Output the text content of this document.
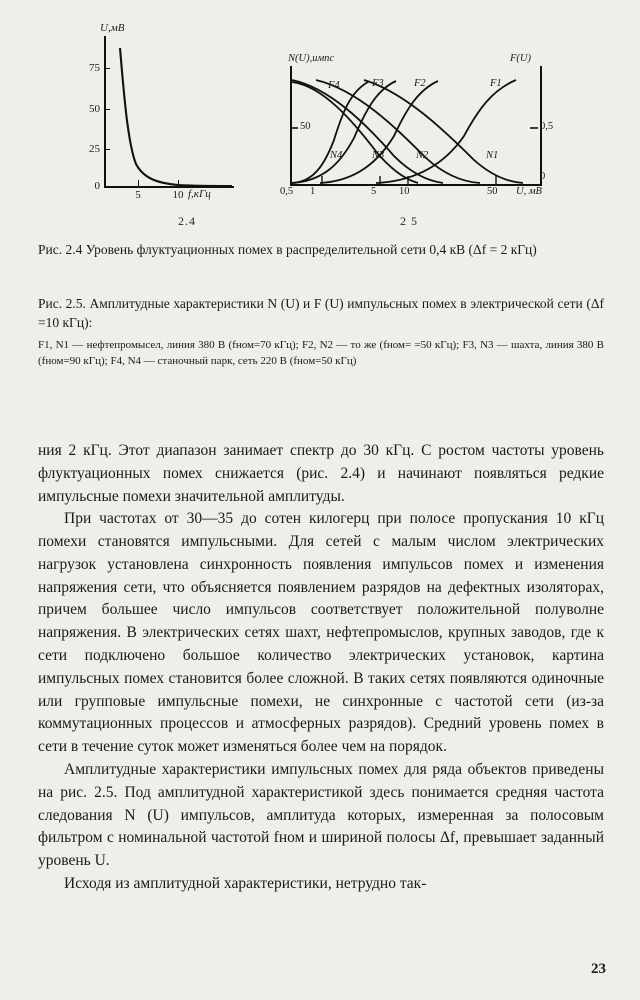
U,мВ
75
50
25
0
5	10 f,кГц
N(U),импс	F(U)
50	0,5
0
0,5 1	5 10	50 U, мВ
F4	F3	F2	F1
N4	N3	N2	N1
2.4	2 5
Рис. 2.4 Уровень флуктуационных помех в распределительной сети 0,4 кВ (Δf = 2 кГц)
Рис. 2.5. Амплитудные характеристики N (U) и F (U) импульсных помех в электрической сети (Δf =10 кГц):
F1, N1 — нефтепромысел, линия 380 В (fном=70 кГц); F2, N2 — то же (fном= =50 кГц); F3, N3 — шахта, линия 380 В (fном=90 кГц); F4, N4 — станочный парк, сеть 220 В (fном=50 кГц)

ния 2 кГц. Этот диапазон занимает спектр до 30 кГц. С ростом частоты уровень флуктуационных помех снижается (рис. 2.4) и начинают появляться редкие импульсные помехи значительной амплитуды.

При частотах от 30—35 до сотен килогерц при полосе пропускания 10 кГц помехи становятся импульсными. Для сетей с малым числом электрических нагрузок установлена синхронность появления импульсов помех и изменения напряжения сети, что объясняется появлением разрядов на дефектных изоляторах, причем большее число импульсов соответствует положительной полуволне напряжения. В электрических сетях шахт, нефтепромыслов, крупных заводов, где к сети подключено большое количество электрических установок, картина импульсных помех становится более сложной. В таких сетях появляются одиночные или групповые импульсные помехи, не синхронные с частотой сети (из-за коммутационных процессов и атмосферных разрядов). Средний уровень помех в сети в течение суток может изменяться более чем на порядок.

Амплитудные характеристики импульсных помех для ряда объектов приведены на рис. 2.5. Под амплитудной характеристикой здесь понимается средняя частота следования N (U) импульсов, амплитуда которых, измеренная за полосовым фильтром с номинальной частотой fном и шириной полосы Δf, превышает заданный уровень U.

Исходя из амплитудной характеристики, нетрудно так-

23
